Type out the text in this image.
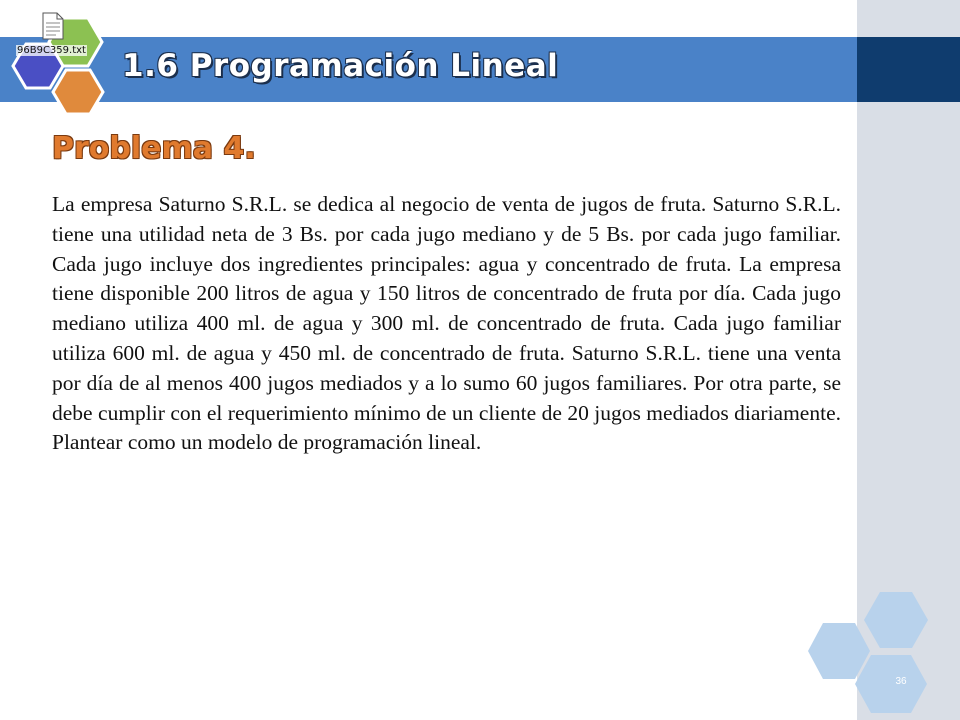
96B9C359.txt 1.6 Programación Lineal
Problema 4.

La empresa Saturno S.R.L. se dedica al negocio de venta de jugos de fruta. Saturno S.R.L. tiene una utilidad neta de 3 Bs. por cada jugo mediano y de 5 Bs. por cada jugo familiar. Cada jugo incluye dos ingredientes principales: agua y concentrado de fruta. La empresa tiene disponible 200 litros de agua y 150 litros de concentrado de fruta por día. Cada jugo mediano utiliza 400 ml. de agua y 300 ml. de concentrado de fruta. Cada jugo familiar utiliza 600 ml. de agua y 450 ml. de concentrado de fruta. Saturno S.R.L. tiene una venta por día de al menos 400 jugos mediados y a lo sumo 60 jugos familiares. Por otra parte, se debe cumplir con el requerimiento mínimo de un cliente de 20 jugos mediados diariamente. Plantear como un modelo de programación lineal.

36
